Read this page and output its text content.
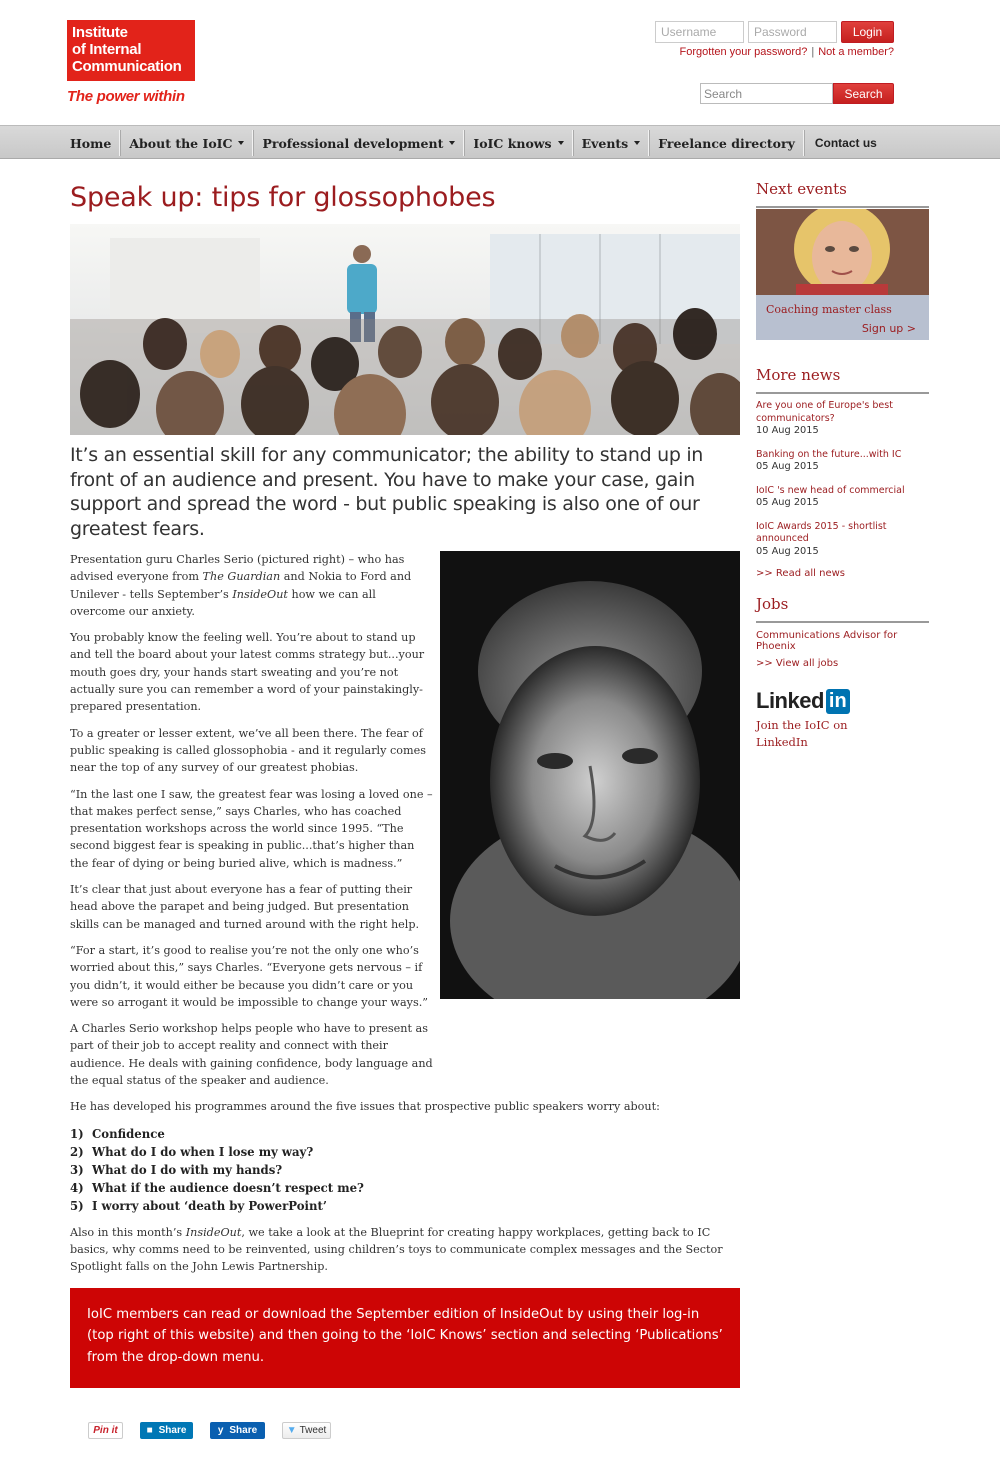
Institute
of Internal
Communication
The power within
Username
Login
Forgotten your password? | Not a member?
Search
Search
Home About the IoIC Professional development IoIC knows Events Freelance directory Contact us
Speak up: tips for glossophobes
It’s an essential skill for any communicator; the ability to stand up in front of an audience and present. You have to make your case, gain support and spread the word - but public speaking is also one of our greatest fears.

Presentation guru Charles Serio (pictured right) – who has advised everyone from The Guardian and Nokia to Ford and Unilever - tells September’s InsideOut how we can all overcome our anxiety.

You probably know the feeling well. You’re about to stand up and tell the board about your latest comms strategy but...your mouth goes dry, your hands start sweating and you’re not actually sure you can remember a word of your painstakingly-prepared presentation.

To a greater or lesser extent, we’ve all been there. The fear of public speaking is called glossophobia - and it regularly comes near the top of any survey of our greatest phobias.

“In the last one I saw, the greatest fear was losing a loved one – that makes perfect sense,” says Charles, who has coached presentation workshops across the world since 1995. “The second biggest fear is speaking in public...that’s higher than the fear of dying or being buried alive, which is madness.”

It’s clear that just about everyone has a fear of putting their head above the parapet and being judged. But presentation skills can be managed and turned around with the right help.

“For a start, it’s good to realise you’re not the only one who’s worried about this,” says Charles. “Everyone gets nervous – if you didn’t, it would either be because you didn’t care or you were so arrogant it would be impossible to change your ways.”

A Charles Serio workshop helps people who have to present as part of their job to accept reality and connect with their audience. He deals with gaining confidence, body language and the equal status of the speaker and audience.

He has developed his programmes around the five issues that prospective public speakers worry about:

1) Confidence
2) What do I do when I lose my way?
3) What do I do with my hands?
4) What if the audience doesn’t respect me?
5) I worry about ‘death by PowerPoint’

Also in this month’s InsideOut, we take a look at the Blueprint for creating happy workplaces, getting back to IC basics, why comms need to be reinvented, using children’s toys to communicate complex messages and the Sector Spotlight falls on the John Lewis Partnership.

IoIC members can read or download the September edition of InsideOut by using their log-in (top right of this website) and then going to the ‘IoIC Knows’ section and selecting ‘Publications’ from the drop-down menu.
Pin it	■ Share	y Share	▼ Tweet
Next events
Coaching master class
Sign up >
More news
Are you one of Europe's best communicators?
10 Aug 2015
Banking on the future...with IC
05 Aug 2015
IoIC 's new head of commercial
05 Aug 2015
IoIC Awards 2015 - shortlist announced
05 Aug 2015
>> Read all news
Jobs
Communications Advisor for Phoenix
>> View all jobs
Linked in
Join the IoIC on LinkedIn
